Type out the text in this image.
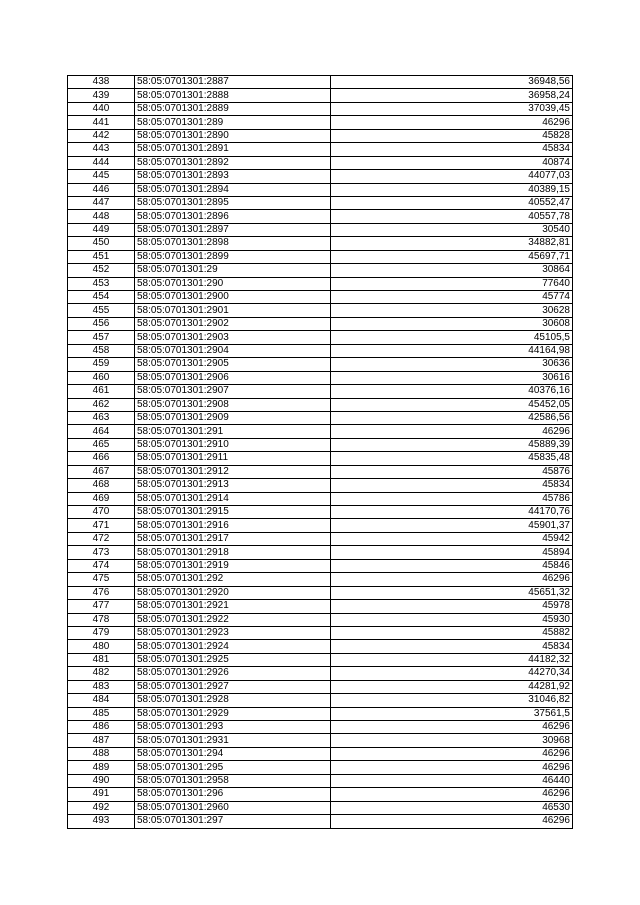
438	58:05:0701301:2887	36948,56
439	58:05:0701301:2888	36958,24
440	58:05:0701301:2889	37039,45
441	58:05:0701301:289	46296
442	58:05:0701301:2890	45828
443	58:05:0701301:2891	45834
444	58:05:0701301:2892	40874
445	58:05:0701301:2893	44077,03
446	58:05:0701301:2894	40389,15
447	58:05:0701301:2895	40552,47
448	58:05:0701301:2896	40557,78
449	58:05:0701301:2897	30540
450	58:05:0701301:2898	34882,81
451	58:05:0701301:2899	45697,71
452	58:05:0701301:29	30864
453	58:05:0701301:290	77640
454	58:05:0701301:2900	45774
455	58:05:0701301:2901	30628
456	58:05:0701301:2902	30608
457	58:05:0701301:2903	45105,5
458	58:05:0701301:2904	44164,98
459	58:05:0701301:2905	30636
460	58:05:0701301:2906	30616
461	58:05:0701301:2907	40376,16
462	58:05:0701301:2908	45452,05
463	58:05:0701301:2909	42586,56
464	58:05:0701301:291	46296
465	58:05:0701301:2910	45889,39
466	58:05:0701301:2911	45835,48
467	58:05:0701301:2912	45876
468	58:05:0701301:2913	45834
469	58:05:0701301:2914	45786
470	58:05:0701301:2915	44170,76
471	58:05:0701301:2916	45901,37
472	58:05:0701301:2917	45942
473	58:05:0701301:2918	45894
474	58:05:0701301:2919	45846
475	58:05:0701301:292	46296
476	58:05:0701301:2920	45651,32
477	58:05:0701301:2921	45978
478	58:05:0701301:2922	45930
479	58:05:0701301:2923	45882
480	58:05:0701301:2924	45834
481	58:05:0701301:2925	44182,32
482	58:05:0701301:2926	44270,34
483	58:05:0701301:2927	44281,92
484	58:05:0701301:2928	31046,82
485	58:05:0701301:2929	37561,5
486	58:05:0701301:293	46296
487	58:05:0701301:2931	30968
488	58:05:0701301:294	46296
489	58:05:0701301:295	46296
490	58:05:0701301:2958	46440
491	58:05:0701301:296	46296
492	58:05:0701301:2960	46530
493	58:05:0701301:297	46296
